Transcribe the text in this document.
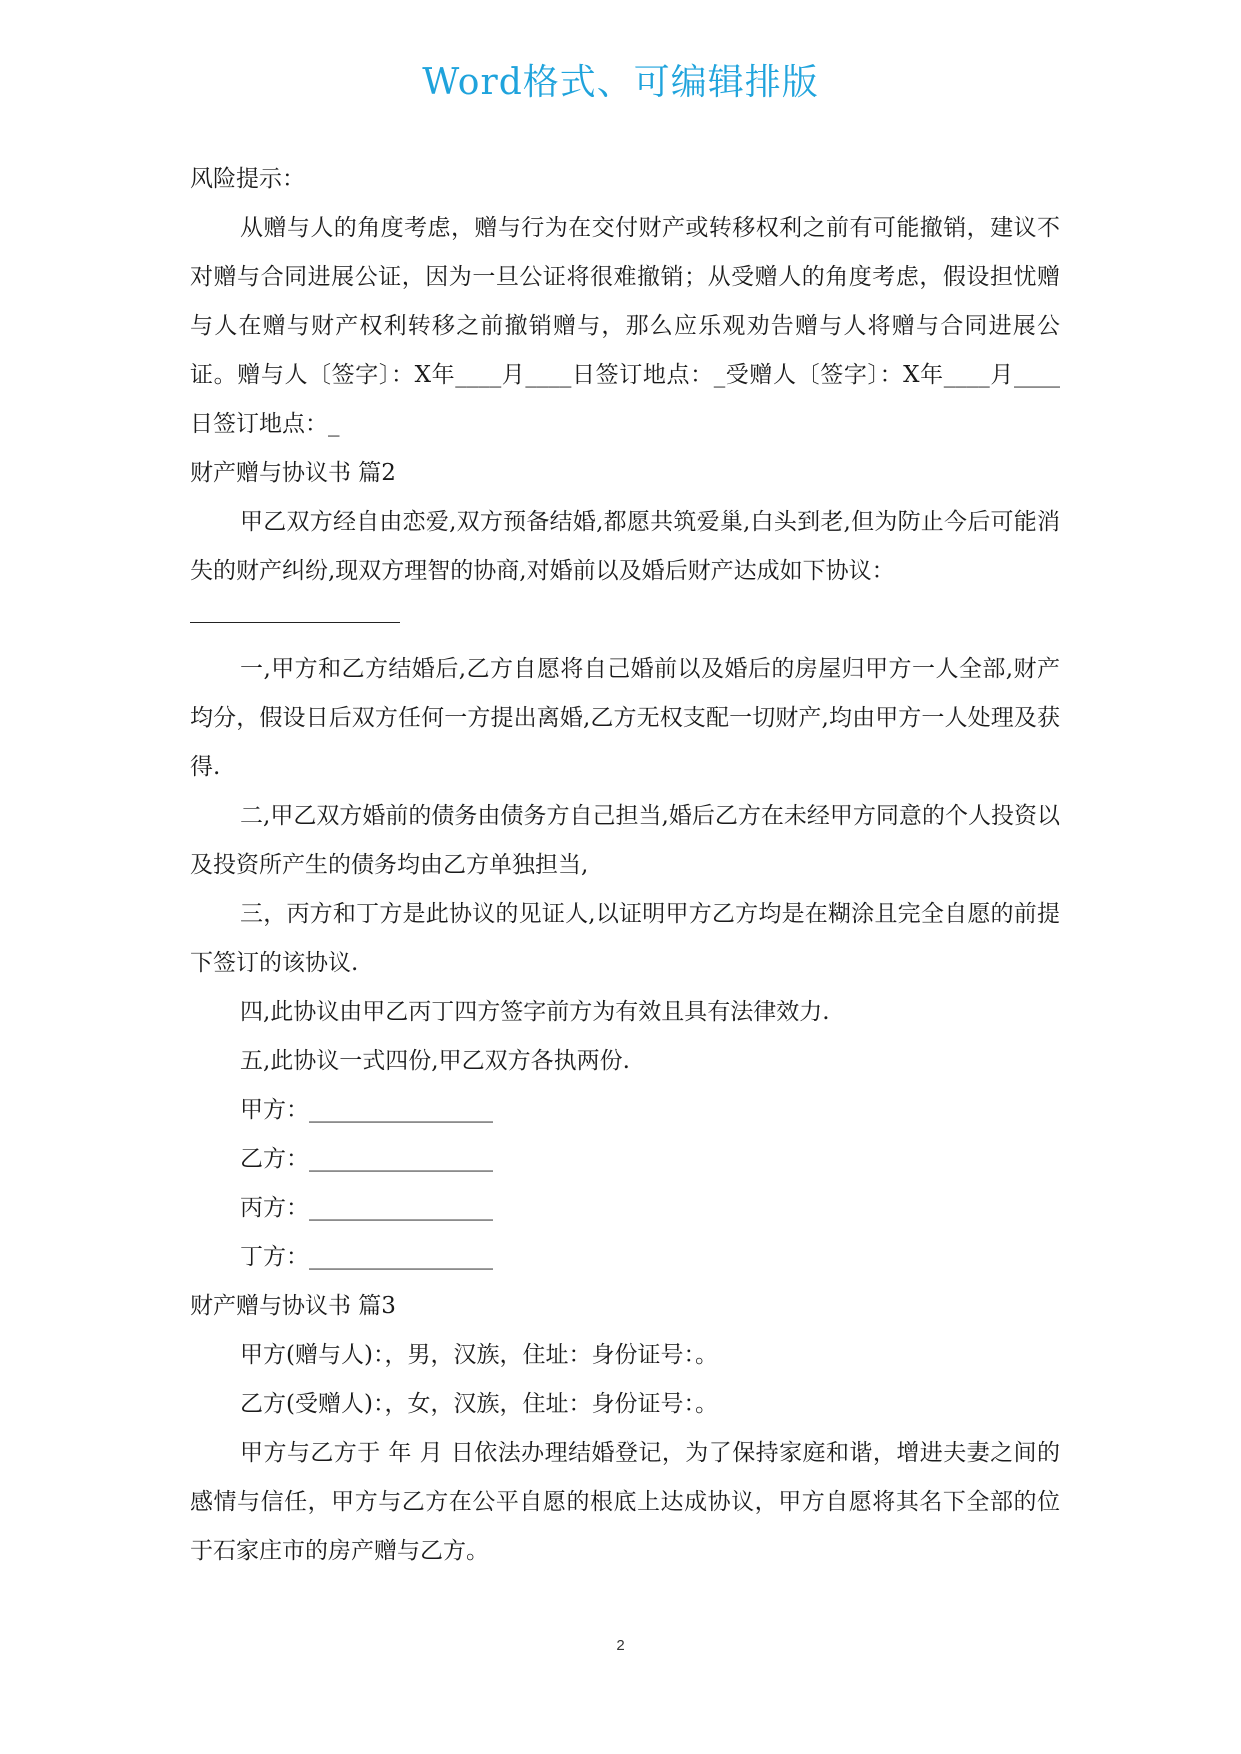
Word格式、可编辑排版

风险提示：

从赠与人的角度考虑，赠与行为在交付财产或转移权利之前有可能撤销，建议不对赠与合同进展公证，因为一旦公证将很难撤销；从受赠人的角度考虑，假设担忧赠与人在赠与财产权利转移之前撤销赠与，那么应乐观劝告赠与人将赠与合同进展公证。赠与人〔签字〕：X年____月____日签订地点：_受赠人〔签字〕：X年____月____日签订地点：_

财产赠与协议书 篇2

甲乙双方经自由恋爱,双方预备结婚,都愿共筑爱巢,白头到老,但为防止今后可能消失的财产纠纷,现双方理智的协商,对婚前以及婚后财产达成如下协议：

一,甲方和乙方结婚后,乙方自愿将自己婚前以及婚后的房屋归甲方一人全部,财产均分，假设日后双方任何一方提出离婚,乙方无权支配一切财产,均由甲方一人处理及获得.

二,甲乙双方婚前的债务由债务方自己担当,婚后乙方在未经甲方同意的个人投资以及投资所产生的债务均由乙方单独担当,

三，丙方和丁方是此协议的见证人,以证明甲方乙方均是在糊涂且完全自愿的前提下签订的该协议.

四,此协议由甲乙丙丁四方签字前方为有效且具有法律效力.

五,此协议一式四份,甲乙双方各执两份.

甲方：________________

乙方：________________

丙方：________________

丁方：________________

财产赠与协议书 篇3

甲方(赠与人)：，男，汉族，住址：身份证号：。

乙方(受赠人)：，女，汉族，住址：身份证号：。

甲方与乙方于 年 月 日依法办理结婚登记，为了保持家庭和谐，增进夫妻之间的感情与信任，甲方与乙方在公平自愿的根底上达成协议，甲方自愿将其名下全部的位于石家庄市的房产赠与乙方。

2
